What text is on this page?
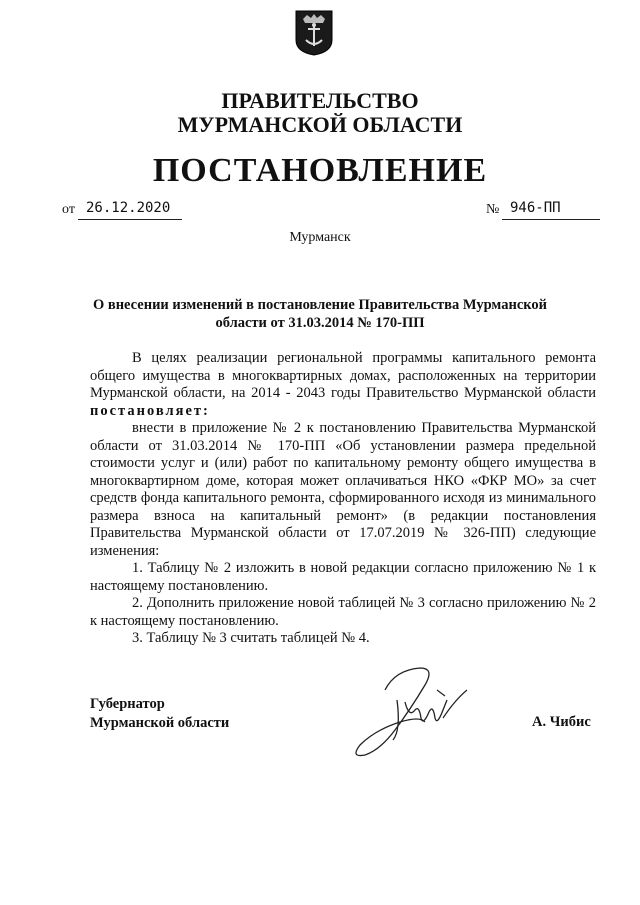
ПРАВИТЕЛЬСТВО
МУРМАНСКОЙ ОБЛАСТИ
ПОСТАНОВЛЕНИЕ
от 26.12.2020	№ 946-ПП
Мурманск
О внесении изменений в постановление Правительства Мурманской области от 31.03.2014 № 170-ПП

В целях реализации региональной программы капитального ремонта общего имущества в многоквартирных домах, расположенных на территории Мурманской области, на 2014 - 2043 годы Правительство Мурманской области постановляет:

внести в приложение № 2 к постановлению Правительства Мурманской области от 31.03.2014 № 170-ПП «Об установлении размера предельной стоимости услуг и (или) работ по капитальному ремонту общего имущества в многоквартирном доме, которая может оплачиваться НКО «ФКР МО» за счет средств фонда капитального ремонта, сформированного исходя из минимального размера взноса на капитальный ремонт» (в редакции постановления Правительства Мурманской области от 17.07.2019 № 326-ПП) следующие изменения:

1. Таблицу № 2 изложить в новой редакции согласно приложению № 1 к настоящему постановлению.

2. Дополнить приложение новой таблицей № 3 согласно приложению № 2 к настоящему постановлению.

3. Таблицу № 3 считать таблицей № 4.

Губернатор
Мурманской области	А. Чибис
